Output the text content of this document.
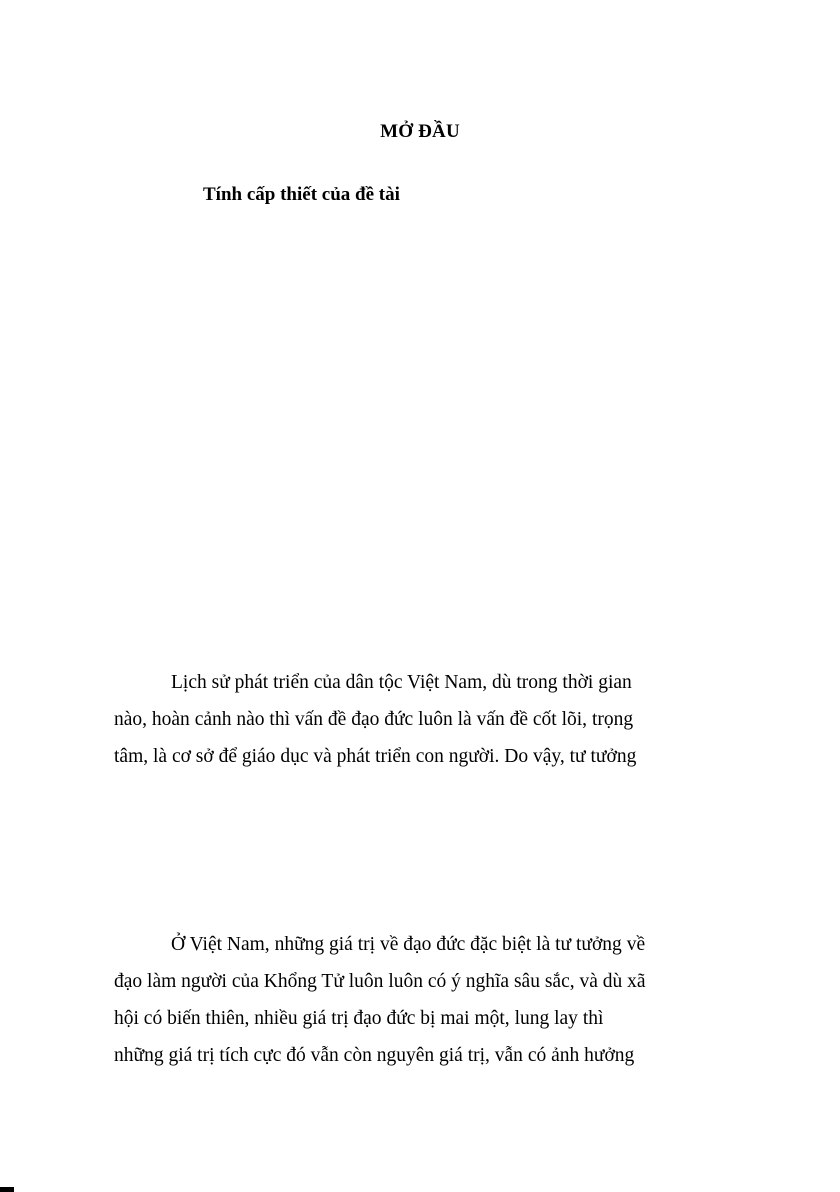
MỞ ĐẦU
Tính cấp thiết của đề tài
Lịch sử phát triển của dân tộc Việt Nam, dù trong thời gian
nào, hoàn cảnh nào thì vấn đề đạo đức luôn là vấn đề cốt lõi, trọng
tâm, là cơ sở để giáo dục và phát triển con người. Do vậy, tư tưởng
Ở Việt Nam, những giá trị về đạo đức đặc biệt là tư tưởng về
đạo làm người của Khổng Tử luôn luôn có ý nghĩa sâu sắc, và dù xã
hội có biến thiên, nhiều giá trị đạo đức bị mai một, lung lay thì
những giá trị tích cực đó vẫn còn nguyên giá trị, vẫn có ảnh hưởng
